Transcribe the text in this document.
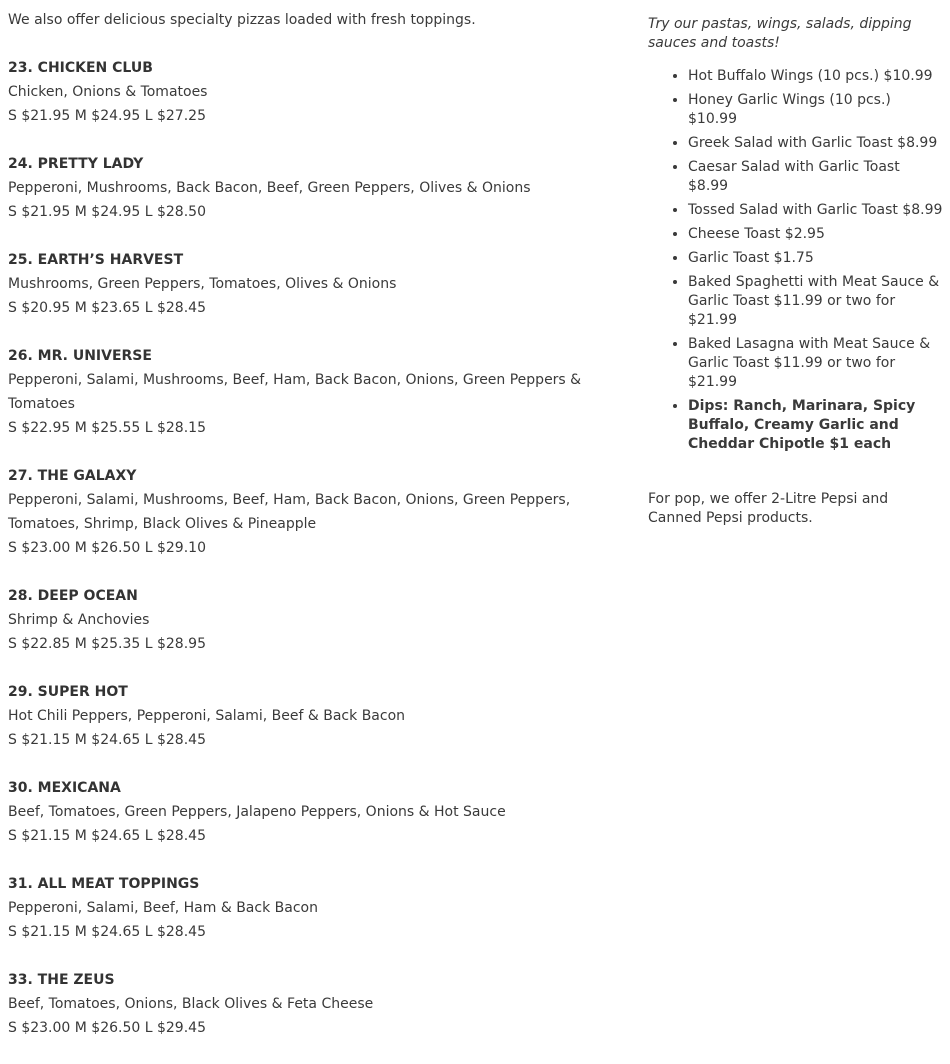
We also offer delicious specialty pizzas loaded with fresh toppings.

23. CHICKEN CLUB
Chicken, Onions & Tomatoes
S $21.95 M $24.95 L $27.25
24. PRETTY LADY
Pepperoni, Mushrooms, Back Bacon, Beef, Green Peppers, Olives & Onions
S $21.95 M $24.95 L $28.50
25. EARTH’S HARVEST
Mushrooms, Green Peppers, Tomatoes, Olives & Onions
S $20.95 M $23.65 L $28.45
26. MR. UNIVERSE
Pepperoni, Salami, Mushrooms, Beef, Ham, Back Bacon, Onions, Green Peppers & Tomatoes
S $22.95 M $25.55 L $28.15
27. THE GALAXY
Pepperoni, Salami, Mushrooms, Beef, Ham, Back Bacon, Onions, Green Peppers, Tomatoes, Shrimp, Black Olives & Pineapple
S $23.00 M $26.50 L $29.10
28. DEEP OCEAN
Shrimp & Anchovies
S $22.85 M $25.35 L $28.95
29. SUPER HOT
Hot Chili Peppers, Pepperoni, Salami, Beef & Back Bacon
S $21.15 M $24.65 L $28.45
30. MEXICANA
Beef, Tomatoes, Green Peppers, Jalapeno Peppers, Onions & Hot Sauce
S $21.15 M $24.65 L $28.45
31. ALL MEAT TOPPINGS
Pepperoni, Salami, Beef, Ham & Back Bacon
S $21.15 M $24.65 L $28.45
33. THE ZEUS
Beef, Tomatoes, Onions, Black Olives & Feta Cheese
S $23.00 M $26.50 L $29.45

Try our pastas, wings, salads, dipping sauces and toasts!

• Hot Buffalo Wings (10 pcs.) $10.99
• Honey Garlic Wings (10 pcs.) $10.99
• Greek Salad with Garlic Toast $8.99
• Caesar Salad with Garlic Toast $8.99
• Tossed Salad with Garlic Toast $8.99
• Cheese Toast $2.95
• Garlic Toast $1.75
• Baked Spaghetti with Meat Sauce & Garlic Toast $11.99 or two for $21.99
• Baked Lasagna with Meat Sauce & Garlic Toast $11.99 or two for $21.99
• Dips: Ranch, Marinara, Spicy Buffalo, Creamy Garlic and Cheddar Chipotle $1 each

For pop, we offer 2-Litre Pepsi and Canned Pepsi products.
